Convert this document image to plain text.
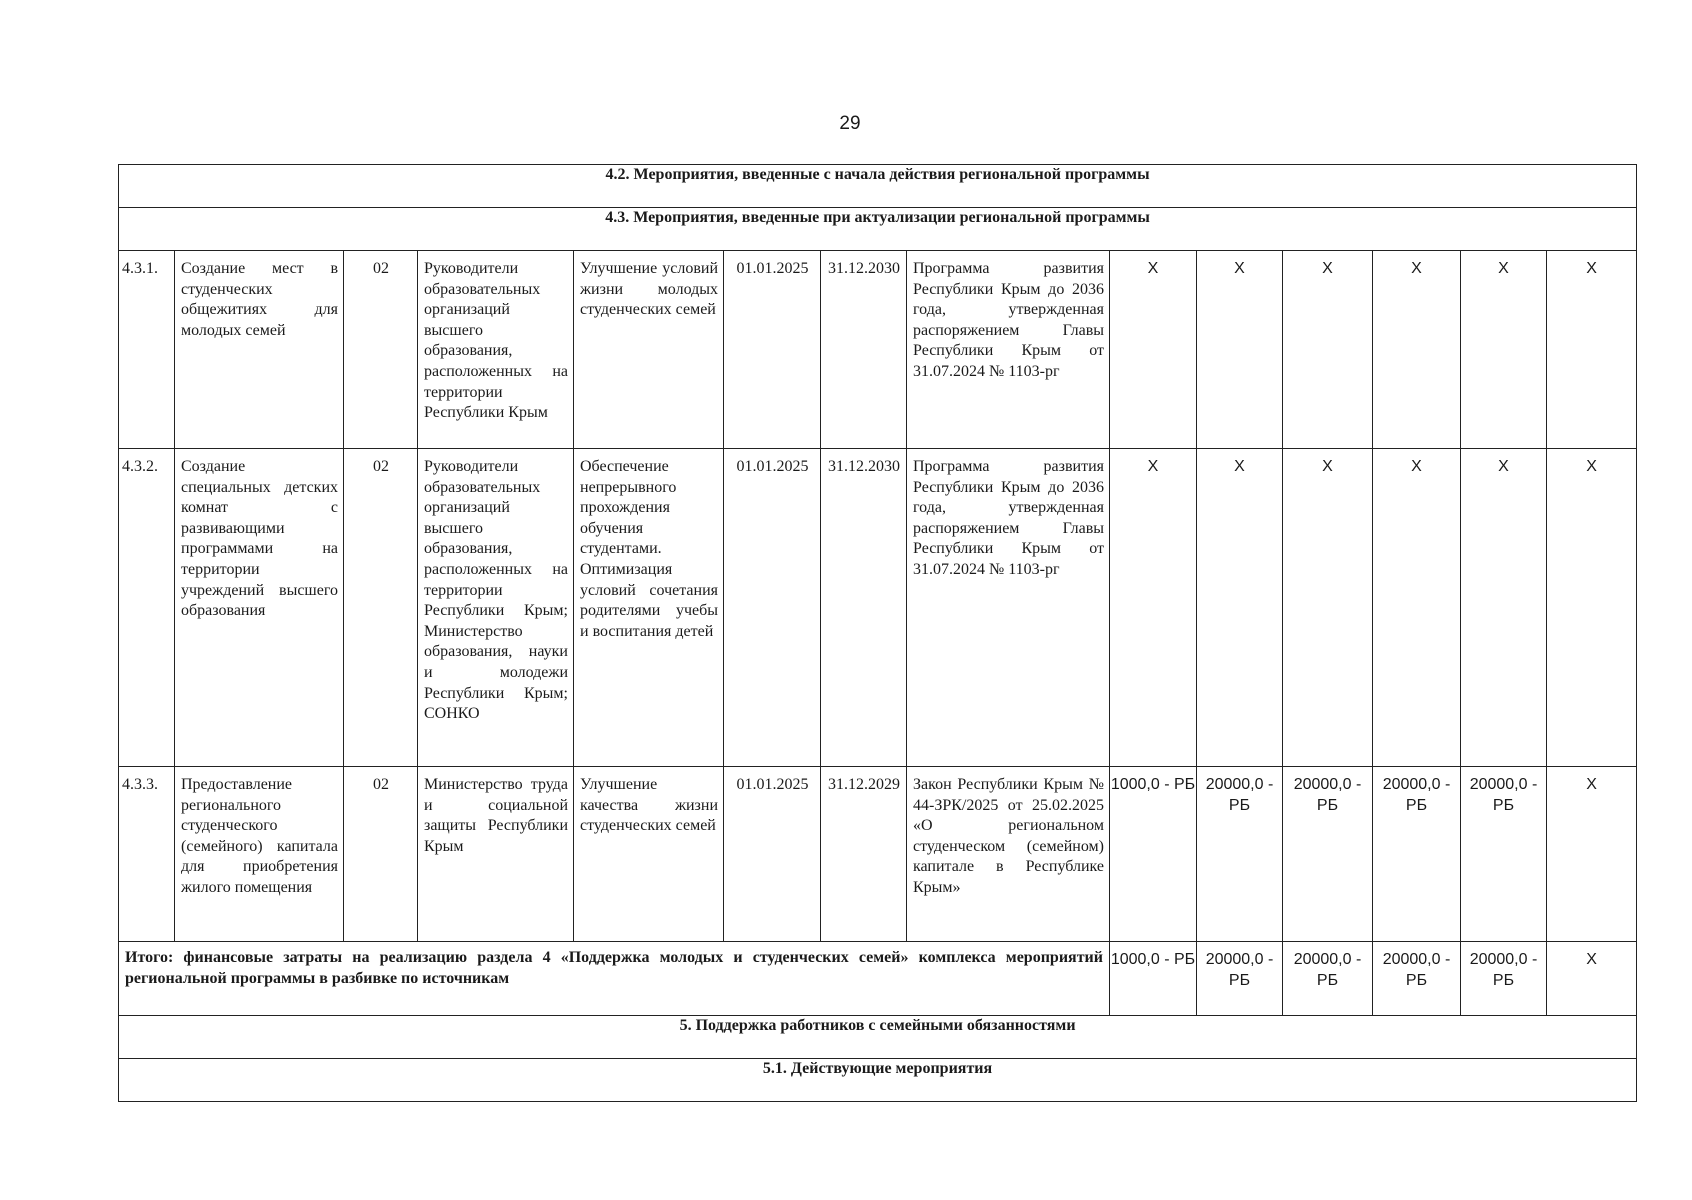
29
4.2. Мероприятия, введенные с начала действия региональной программы													
4.3. Мероприятия, введенные при актуализации региональной программы													
4.3.1.	Создание мест в студенческих общежитиях для молодых семей	02	Руководители образовательных организаций высшего образования, расположенных на территории Республики Крым	Улучшение условий жизни молодых студенческих семей	01.01.2025	31.12.2030	Программа развития Республики Крым до 2036 года, утвержденная распоряжением Главы Республики Крым от 31.07.2024 № 1103-рг	Х	Х	Х	Х	Х	Х
4.3.2.	Создание специальных детских комнат с развивающими программами на территории учреждений высшего образования	02	Руководители образовательных организаций высшего образования, расположенных на территории Республики Крым; Министерство образования, науки и молодежи Республики Крым; СОНКО	Обеспечение непрерывного прохождения обучения студентами. Оптимизация условий сочетания родителями учебы и воспитания детей	01.01.2025	31.12.2030	Программа развития Республики Крым до 2036 года, утвержденная распоряжением Главы Республики Крым от 31.07.2024 № 1103-рг	Х	Х	Х	Х	Х	Х
4.3.3.	Предоставление регионального студенческого (семейного) капитала для приобретения жилого помещения	02	Министерство труда и социальной защиты Республики Крым	Улучшение качества жизни студенческих семей	01.01.2025	31.12.2029	Закон Республики Крым № 44-ЗРК/2025 от 25.02.2025 «О региональном студенческом (семейном) капитале в Республике Крым»	1000,0 - РБ	20000,0 - РБ	20000,0 - РБ	20000,0 - РБ	20000,0 - РБ	Х
Итого: финансовые затраты на реализацию раздела 4 «Поддержка молодых и студенческих семей» комплекса мероприятий региональной программы в разбивке по источникам								1000,0 - РБ	20000,0 - РБ	20000,0 - РБ	20000,0 - РБ	20000,0 - РБ	Х
5. Поддержка работников с семейными обязанностями													
5.1. Действующие мероприятия													
